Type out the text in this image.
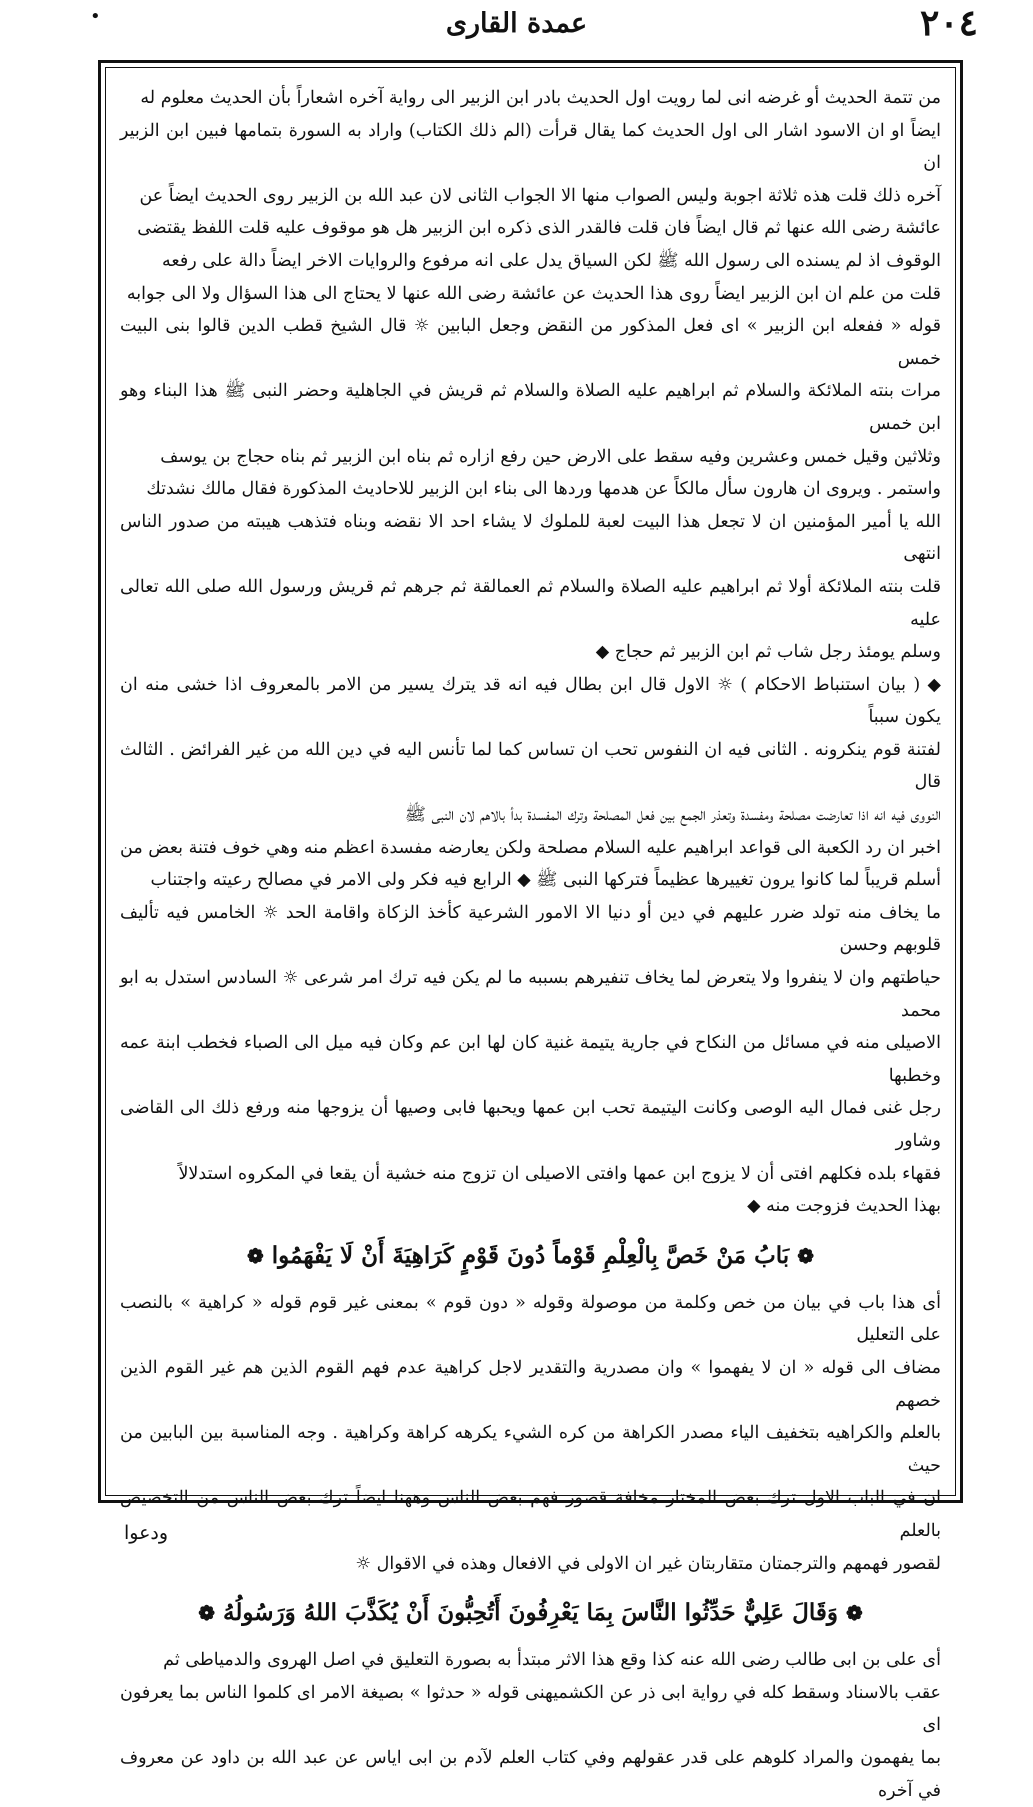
٢٠٤
عمدة القارى
•

من تتمة الحديث أو غرضه انى لما رويت اول الحديث بادر ابن الزبير الى رواية آخره اشعاراً بأن الحديث معلوم له

ايضاً او ان الاسود اشار الى اول الحديث كما يقال قرأت (الم ذلك الكتاب) واراد به السورة بتمامها فبين ابن الزبير ان

آخره ذلك قلت هذه ثلاثة اجوبة وليس الصواب منها الا الجواب الثانى لان عبد الله بن الزبير روى الحديث ايضاً عن

عائشة رضى الله عنها ثم قال ايضاً فان قلت فالقدر الذى ذكره ابن الزبير هل هو موقوف عليه قلت اللفظ يقتضى

الوقوف اذ لم يسنده الى رسول الله ﷺ لكن السياق يدل على انه مرفوع والروايات الاخر ايضاً دالة على رفعه

قلت من علم ان ابن الزبير ايضاً روى هذا الحديث عن عائشة رضى الله عنها لا يحتاج الى هذا السؤال ولا الى جوابه

قوله « ففعله ابن الزبير » اى فعل المذكور من النقض وجعل البابين ☼ قال الشيخ قطب الدين قالوا بنى البيت خمس

مرات بنته الملائكة والسلام ثم ابراهيم عليه الصلاة والسلام ثم قريش في الجاهلية وحضر النبى ﷺ هذا البناء وهو ابن خمس

وثلاثين وقيل خمس وعشرين وفيه سقط على الارض حين رفع ازاره ثم بناه ابن الزبير ثم بناه حجاج بن يوسف

واستمر . ويروى ان هارون سأل مالكاً عن هدمها وردها الى بناء ابن الزبير للاحاديث المذكورة فقال مالك نشدتك

الله يا أمير المؤمنين ان لا تجعل هذا البيت لعبة للملوك لا يشاء احد الا نقضه وبناه فتذهب هيبته من صدور الناس انتهى

قلت بنته الملائكة أولا ثم ابراهيم عليه الصلاة والسلام ثم العمالقة ثم جرهم ثم قريش ورسول الله صلى الله تعالى عليه

وسلم يومئذ رجل شاب ثم ابن الزبير ثم حجاج ◆

◆ ( بيان استنباط الاحكام ) ☼ الاول قال ابن بطال فيه انه قد يترك يسير من الامر بالمعروف اذا خشى منه ان يكون سبباً

لفتنة قوم ينكرونه . الثانى فيه ان النفوس تحب ان تساس كما لما تأنس اليه في دين الله من غير الفرائض . الثالث قال

النووى فيه انه اذا تعارضت مصلحة ومفسدة وتعذر الجمع بين فعل المصلحة وترك المفسدة بدأ بالاهم لان النبى ﷺ

اخبر ان رد الكعبة الى قواعد ابراهيم عليه السلام مصلحة ولكن يعارضه مفسدة اعظم منه وهي خوف فتنة بعض من

أسلم قريباً لما كانوا يرون تغييرها عظيماً فتركها النبى ﷺ ◆ الرابع فيه فكر ولى الامر في مصالح رعيته واجتناب

ما يخاف منه تولد ضرر عليهم في دين أو دنيا الا الامور الشرعية كأخذ الزكاة واقامة الحد ☼ الخامس فيه تأليف قلوبهم وحسن

حياطتهم وان لا ينفروا ولا يتعرض لما يخاف تنفيرهم بسببه ما لم يكن فيه ترك امر شرعى ☼ السادس استدل به ابو محمد

الاصيلى منه في مسائل من النكاح في جارية يتيمة غنية كان لها ابن عم وكان فيه ميل الى الصباء فخطب ابنة عمه وخطبها

رجل غنى فمال اليه الوصى وكانت اليتيمة تحب ابن عمها ويحبها فابى وصيها أن يزوجها منه ورفع ذلك الى القاضى وشاور

فقهاء بلده فكلهم افتى أن لا يزوج ابن عمها وافتى الاصيلى ان تزوج منه خشية أن يقعا في المكروه استدلالاً

بهذا الحديث فزوجت منه ◆

❁بَابُ مَنْ خَصَّ بِالْعِلْمِ قَوْماً دُونَ قَوْمٍ كَرَاهِيَةَ أَنْ لَا يَفْهَمُوا❁

أى هذا باب في بيان من خص وكلمة من موصولة وقوله « دون قوم » بمعنى غير قوم قوله « كراهية » بالنصب على التعليل

مضاف الى قوله « ان لا يفهموا » وان مصدرية والتقدير لاجل كراهية عدم فهم القوم الذين هم غير القوم الذين خصهم

بالعلم والكراهيه بتخفيف الياء مصدر الكراهة من كره الشيء يكرهه كراهة وكراهية . وجه المناسبة بين البابين من حيث

ان في الباب الاول ترك بعض المختار مخافة قصور فهم بعض الناس وههنا ايضاً ترك بعض الناس من التخصيص بالعلم

لقصور فهمهم والترجمتان متقاربتان غير ان الاولى في الافعال وهذه في الاقوال ☼

❁وَقَالَ عَلِيٌّ حَدِّثُوا النَّاسَ بِمَا يَعْرِفُونَ أَتُحِبُّونَ أَنْ يُكَذَّبَ اللهُ وَرَسُولُهُ❁

أى على بن ابى طالب رضى الله عنه كذا وقع هذا الاثر مبتدأ به بصورة التعليق في اصل الهروى والدمياطى ثم

عقب بالاسناد وسقط كله في رواية ابى ذر عن الكشميهنى قوله « حدثوا » بصيغة الامر اى كلموا الناس بما يعرفون اى

بما يفهمون والمراد كلوهم على قدر عقولهم وفي كتاب العلم لآدم بن ابى اياس عن عبد الله بن داود عن معروف في آخره

ودعوا
